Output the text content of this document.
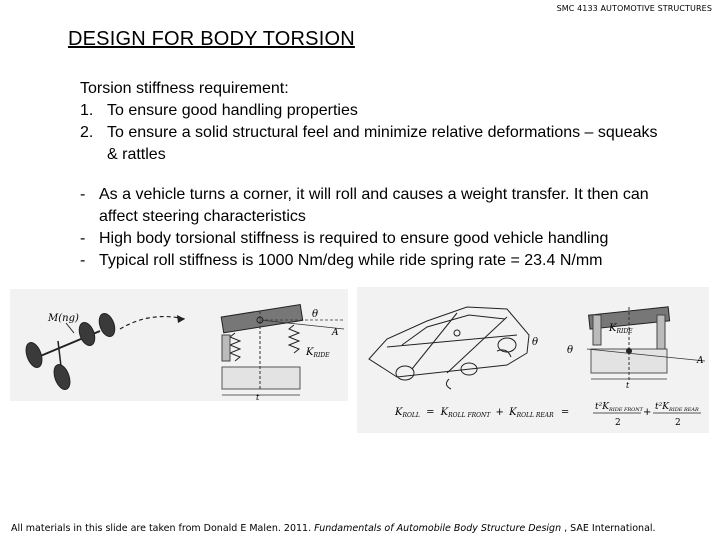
SMC 4133 AUTOMOTIVE STRUCTURES
DESIGN FOR BODY TORSION
Torsion stiffness requirement:
1. To ensure good handling properties
2. To ensure a solid structural feel and minimize relative deformations – squeaks & rattles
- As a vehicle turns a corner, it will roll and causes a weight transfer. It then can affect steering characteristics
- High body torsional stiffness is required to ensure good vehicle handling
- Typical roll stiffness is 1000 Nm/deg while ride spring rate = 23.4 N/mm
M(ng)	θ
A
$K_{RIDE}$
t
θ
θ
A
$K_{RIDE}$
t
$K_{ROLL} = K_{ROLL FRONT} + K_{ROLL REAR}$ =	$t^2K_{RIDE FRONT}$
2
+ $t^2K_{RIDE REAR}$
2
All materials in this slide are taken from Donald E Malen. 2011. Fundamentals of Automobile Body Structure Design , SAE International.
